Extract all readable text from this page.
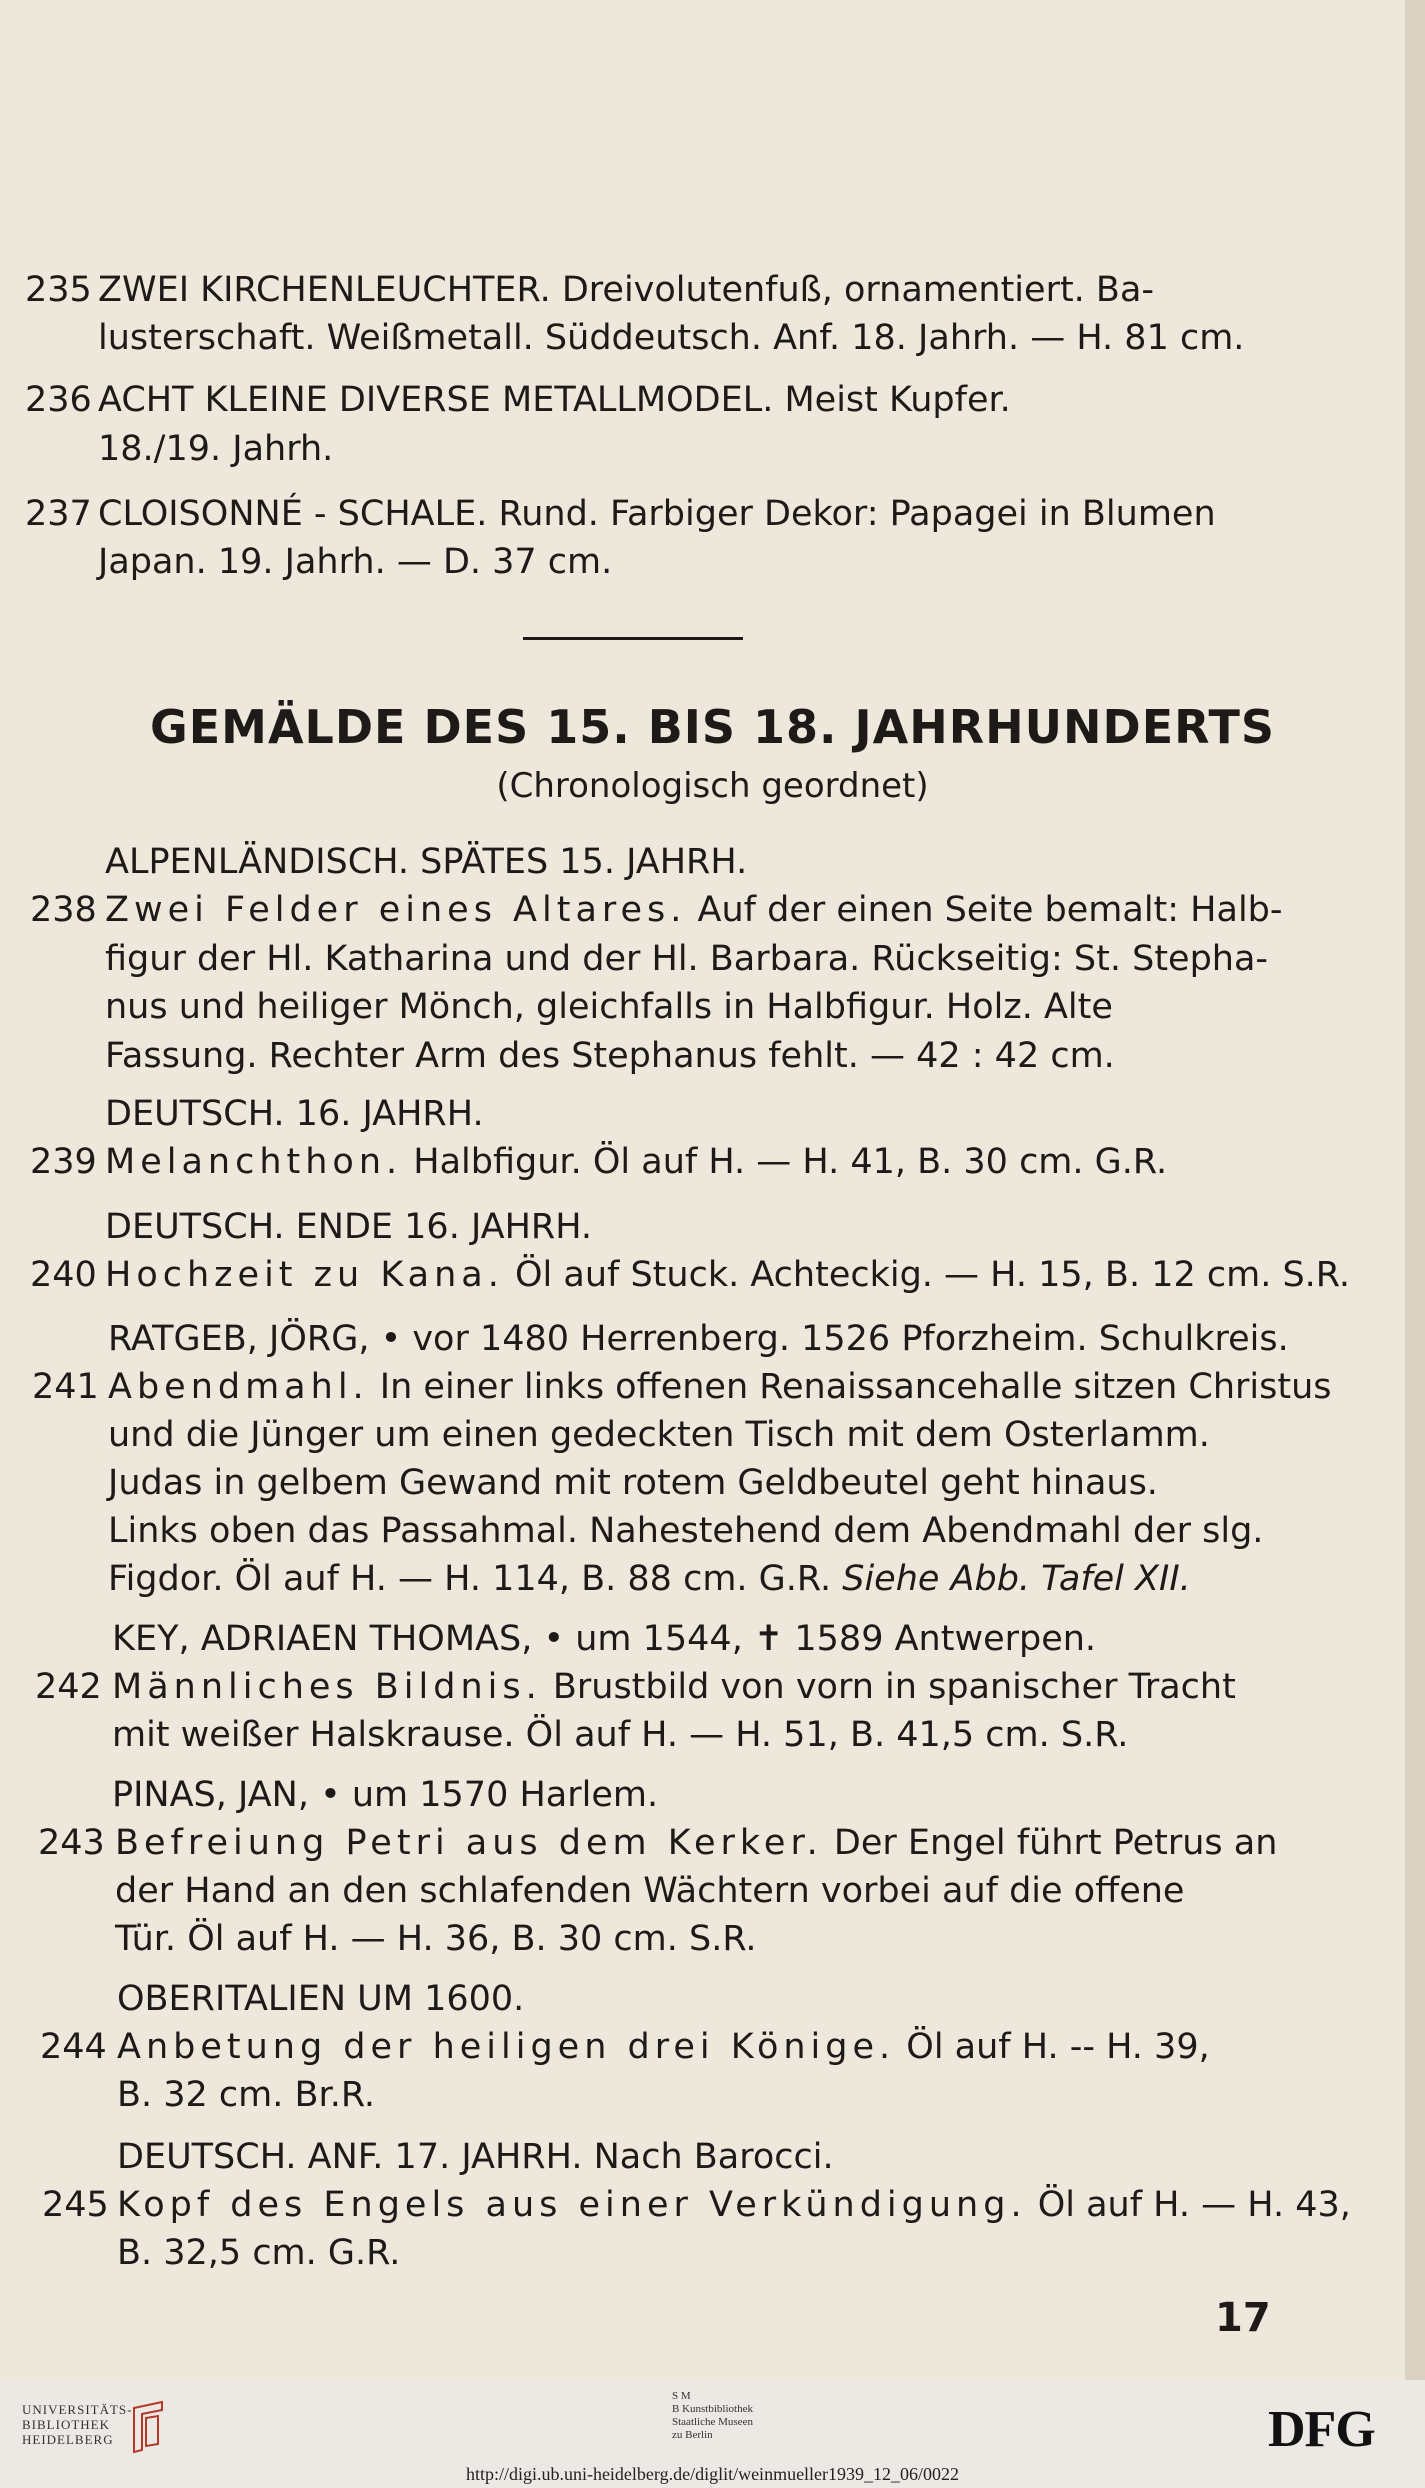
235 ZWEI KIRCHENLEUCHTER. Dreivolutenfuß, ornamentiert. Ba-
lusterschaft. Weißmetall. Süddeutsch. Anf. 18. Jahrh. — H. 81 cm.
236 ACHT KLEINE DIVERSE METALLMODEL. Meist Kupfer.
18./19. Jahrh.
237 CLOISONNÉ - SCHALE. Rund. Farbiger Dekor: Papagei in Blumen
Japan. 19. Jahrh. — D. 37 cm.
GEMÄLDE DES 15. BIS 18. JAHRHUNDERTS
(Chronologisch geordnet)
ALPENLÄNDISCH. SPÄTES 15. JAHRH.
238 Zwei Felder eines Altares. Auf der einen Seite bemalt: Halb-
figur der Hl. Katharina und der Hl. Barbara. Rückseitig: St. Stepha-
nus und heiliger Mönch, gleichfalls in Halbfigur. Holz. Alte
Fassung. Rechter Arm des Stephanus fehlt. — 42 : 42 cm.
DEUTSCH. 16. JAHRH.
239 Melanchthon. Halbfigur. Öl auf H. — H. 41, B. 30 cm. G.R.
DEUTSCH. ENDE 16. JAHRH.
240 Hochzeit zu Kana. Öl auf Stuck. Achteckig. — H. 15, B. 12 cm. S.R.
RATGEB, JÖRG, • vor 1480 Herrenberg. 1526 Pforzheim. Schulkreis.
241 Abendmahl. In einer links offenen Renaissancehalle sitzen Christus
und die Jünger um einen gedeckten Tisch mit dem Osterlamm.
Judas in gelbem Gewand mit rotem Geldbeutel geht hinaus.
Links oben das Passahmal. Nahestehend dem Abendmahl der slg.
Figdor. Öl auf H. — H. 114, B. 88 cm. G.R. Siehe Abb. Tafel XII.
KEY, ADRIAEN THOMAS, • um 1544, ✝ 1589 Antwerpen.
242 Männliches Bildnis. Brustbild von vorn in spanischer Tracht
mit weißer Halskrause. Öl auf H. — H. 51, B. 41,5 cm. S.R.
PINAS, JAN, • um 1570 Harlem.
243 Befreiung Petri aus dem Kerker. Der Engel führt Petrus an
der Hand an den schlafenden Wächtern vorbei auf die offene
Tür. Öl auf H. — H. 36, B. 30 cm. S.R.
OBERITALIEN UM 1600.
244 Anbetung der heiligen drei Könige. Öl auf H. -- H. 39,
B. 32 cm. Br.R.
DEUTSCH. ANF. 17. JAHRH. Nach Barocci.
245 Kopf des Engels aus einer Verkündigung. Öl auf H. — H. 43,
B. 32,5 cm. G.R.
17
UNIVERSITÄTS-
BIBLIOTHEK
HEIDELBERG
S M
B Kunstbibliothek
Staatliche Museen
zu Berlin	DFG
http://digi.ub.uni-heidelberg.de/diglit/weinmueller1939_12_06/0022
